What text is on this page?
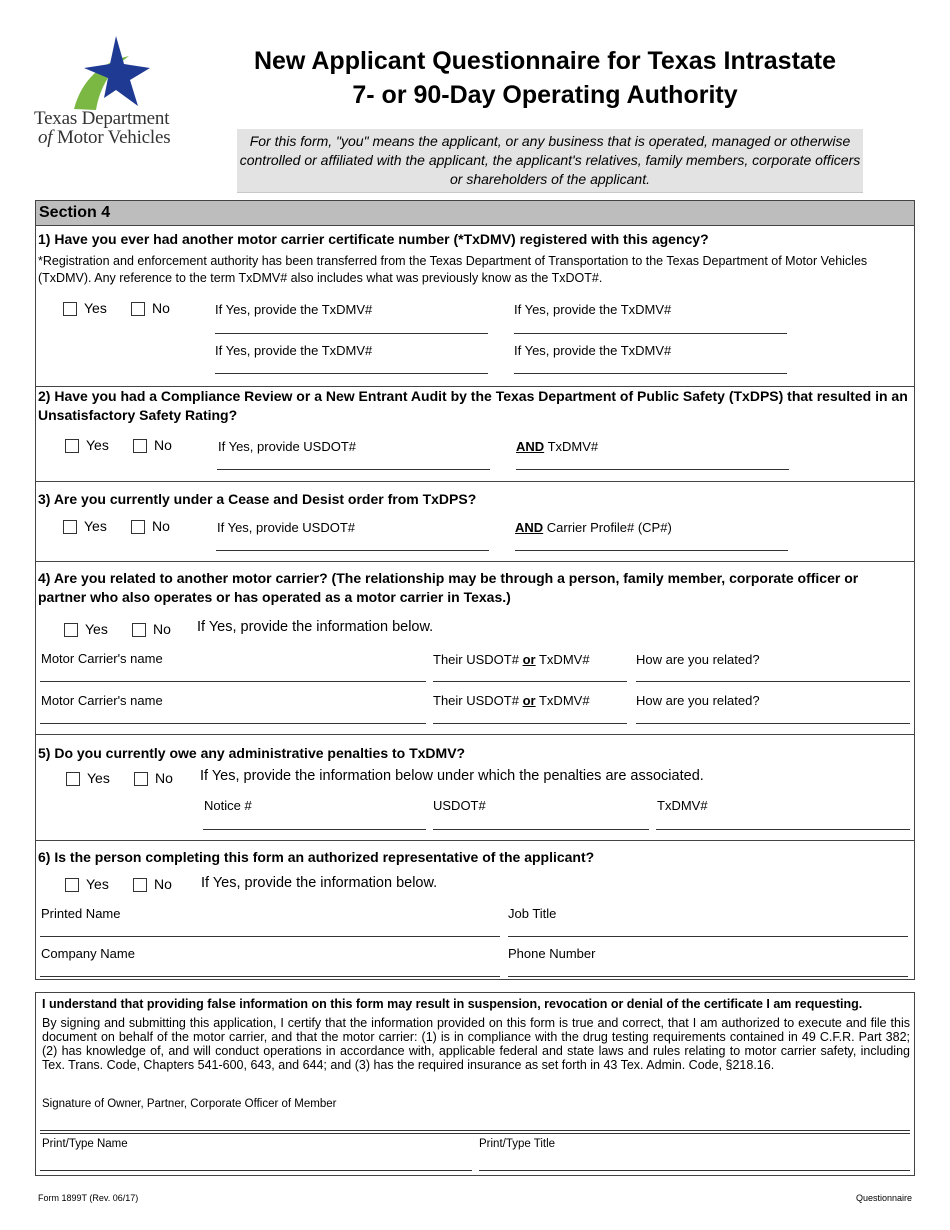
Texas Department
of Motor Vehicles
New Applicant Questionnaire for Texas Intrastate
7- or 90-Day Operating Authority
For this form, "you" means the applicant, or any business that is operated, managed or otherwise controlled or affiliated with the applicant, the applicant's relatives, family members, corporate officers or shareholders of the applicant.
Section 4
1) Have you ever had another motor carrier certificate number (*TxDMV) registered with this agency?
*Registration and enforcement authority has been transferred from the Texas Department of Transportation to the Texas Department of Motor Vehicles (TxDMV). Any reference to the term TxDMV# also includes what was previously know as the TxDOT#.
Yes	No	If Yes, provide the TxDMV#	If Yes, provide the TxDMV#
If Yes, provide the TxDMV#	If Yes, provide the TxDMV#
2) Have you had a Compliance Review or a New Entrant Audit by the Texas Department of Public Safety (TxDPS) that resulted in an Unsatisfactory Safety Rating?
Yes	No	If Yes, provide USDOT#	AND TxDMV#
3) Are you currently under a Cease and Desist order from TxDPS?
Yes	No	If Yes, provide USDOT#	AND Carrier Profile# (CP#)
4) Are you related to another motor carrier? (The relationship may be through a person, family member, corporate officer or partner who also operates or has operated as a motor carrier in Texas.)
Yes	No If Yes, provide the information below.
Motor Carrier's name	Their USDOT# or TxDMV#	How are you related?
Motor Carrier's name	Their USDOT# or TxDMV#	How are you related?
5) Do you currently owe any administrative penalties to TxDMV?
Yes	No If Yes, provide the information below under which the penalties are associated.
Notice #	USDOT#	TxDMV#
6) Is the person completing this form an authorized representative of the applicant?
Yes	No If Yes, provide the information below.
Printed Name	Job Title
Company Name	Phone Number
I understand that providing false information on this form may result in suspension, revocation or denial of the certificate I am requesting.
By signing and submitting this application, I certify that the information provided on this form is true and correct, that I am authorized to execute and file this document on behalf of the motor carrier, and that the motor carrier: (1) is in compliance with the drug testing requirements contained in 49 C.F.R. Part 382; (2) has knowledge of, and will conduct operations in accordance with, applicable federal and state laws and rules relating to motor carrier safety, including Tex. Trans. Code, Chapters 541-600, 643, and 644; and (3) has the required insurance as set forth in 43 Tex. Admin. Code, §218.16.
Signature of Owner, Partner, Corporate Officer of Member
Print/Type Name	Print/Type Title
Form 1899T (Rev. 06/17)	Questionnaire
